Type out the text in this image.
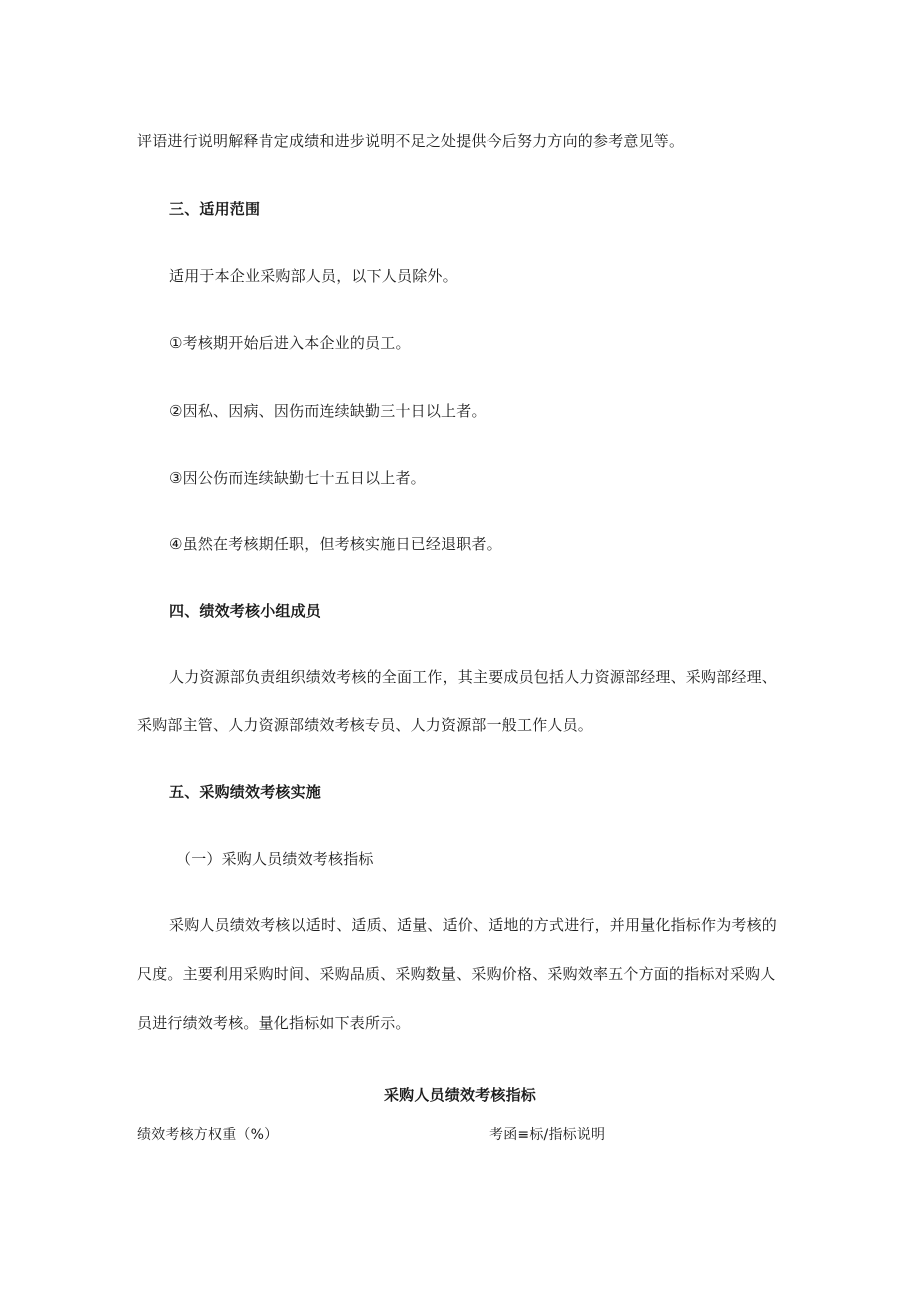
评语进行说明解释肯定成绩和进步说明不足之处提供今后努力方向的参考意见等。
三、适用范围
适用于本企业采购部人员，以下人员除外。
①考核期开始后进入本企业的员工。
②因私、因病、因伤而连续缺勤三十日以上者。
③因公伤而连续缺勤七十五日以上者。
④虽然在考核期任职，但考核实施日已经退职者。
四、绩效考核小组成员
人力资源部负责组织绩效考核的全面工作，其主要成员包括人力资源部经理、采购部经理、
采购部主管、人力资源部绩效考核专员、人力资源部一般工作人员。
五、采购绩效考核实施
（一）采购人员绩效考核指标
采购人员绩效考核以适时、适质、适量、适价、适地的方式进行，并用量化指标作为考核的
尺度。主要利用采购时间、采购品质、采购数量、采购价格、采购效率五个方面的指标对采购人
员进行绩效考核。量化指标如下表所示。
采购人员绩效考核指标
绩效考核方权重（%）	考函≡标/指标说明
